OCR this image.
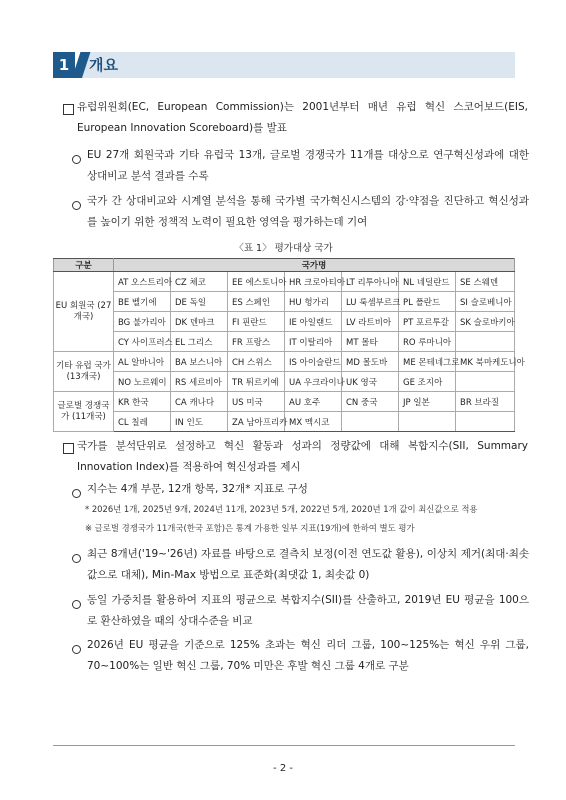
1	개요
유럽위원회(EC, European Commission)는 2001년부터 매년 유럽 혁신 스코어보드(EIS, European Innovation Scoreboard)를 발표
EU 27개 회원국과 기타 유럽국 13개, 글로벌 경쟁국가 11개를 대상으로 연구혁신성과에 대한 상대비교 분석 결과를 수록
국가 간 상대비교와 시계열 분석을 통해 국가별 국가혁신시스템의 강·약점을 진단하고 혁신성과를 높이기 위한 정책적 노력이 필요한 영역을 평가하는데 기여
〈표 1〉 평가대상 국가
구분	국가명						
EU 회원국 (27개국)	AT 오스트리아	CZ 체코	EE 에스토니아	HR 크로아티아	LT 리투아니아	NL 네덜란드	SE 스웨덴
	BE 벨기에	DE 독일	ES 스페인	HU 헝가리	LU 룩셈부르크	PL 폴란드	SI 슬로베니아
	BG 불가리아	DK 덴마크	FI 핀란드	IE 아일랜드	LV 라트비아	PT 포르투갈	SK 슬로바키아
	CY 사이프러스	EL 그리스	FR 프랑스	IT 이탈리아	MT 몰타	RO 루마니아	
기타 유럽 국가 (13개국)	AL 알바니아	BA 보스니아	CH 스위스	IS 아이슬란드	MD 몰도바	ME 몬테네그로	MK 북마케도니아
	NO 노르웨이	RS 세르비아	TR 튀르키예	UA 우크라이나	UK 영국	GE 조지아	
글로벌 경쟁국가 (11개국)	KR 한국	CA 캐나다	US 미국	AU 호주	CN 중국	JP 일본	BR 브라질
	CL 칠레	IN 인도	ZA 남아프리카	MX 멕시코			
국가를 분석단위로 설정하고 혁신 활동과 성과의 정량값에 대해 복합지수(SII, Summary Innovation Index)를 적용하여 혁신성과를 제시
지수는 4개 부문, 12개 항목, 32개* 지표로 구성
* 2026년 1개, 2025년 9개, 2024년 11개, 2023년 5개, 2022년 5개, 2020년 1개 값이 최신값으로 적용
※ 글로벌 경쟁국가 11개국(한국 포함)은 통계 가용한 일부 지표(19개)에 한하여 별도 평가
최근 8개년('19~'26년) 자료를 바탕으로 결측치 보정(이전 연도값 활용), 이상치 제거(최대·최솟값으로 대체), Min-Max 방법으로 표준화(최댓값 1, 최솟값 0)
동일 가중치를 활용하여 지표의 평균으로 복합지수(SII)를 산출하고, 2019년 EU 평균을 100으로 환산하였을 때의 상대수준을 비교
2026년 EU 평균을 기준으로 125% 초과는 혁신 리더 그룹, 100~125%는 혁신 우위 그룹, 70~100%는 일반 혁신 그룹, 70% 미만은 후발 혁신 그룹 4개로 구분
- 2 -
